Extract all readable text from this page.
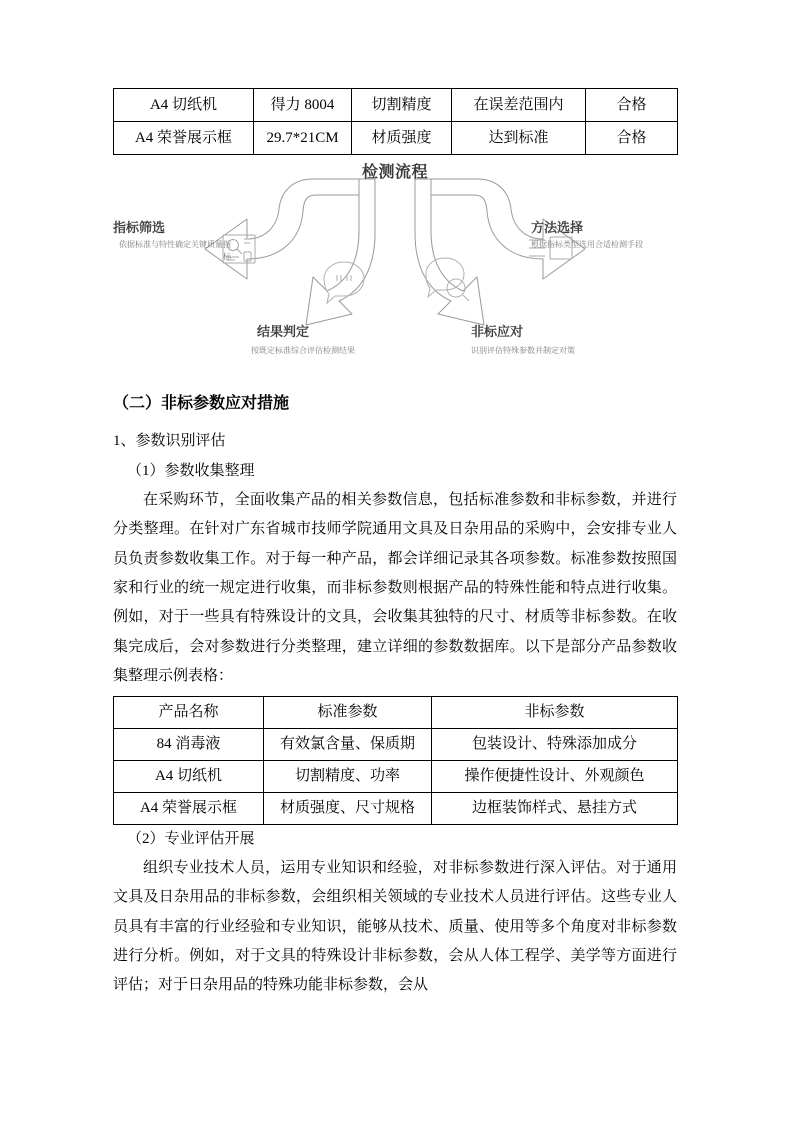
A4 切纸机	得力 8004	切割精度	在误差范围内	合格
A4 荣誉展示框	29.7*21CM	材质强度	达到标准	合格
检测流程
指标筛选
依据标准与特性确定关键质量指标
方法选择
根据指标类型选用合适检测手段
结果判定
按既定标准综合评估检测结果
非标应对
识别评估特殊参数并制定对策
（二）非标参数应对措施
1、参数识别评估
（1）参数收集整理

在采购环节，全面收集产品的相关参数信息，包括标准参数和非标参数，并进行分类整理。在针对广东省城市技师学院通用文具及日杂用品的采购中，会安排专业人员负责参数收集工作。对于每一种产品，都会详细记录其各项参数。标准参数按照国家和行业的统一规定进行收集，而非标参数则根据产品的特殊性能和特点进行收集。例如，对于一些具有特殊设计的文具，会收集其独特的尺寸、材质等非标参数。在收集完成后，会对参数进行分类整理，建立详细的参数数据库。以下是部分产品参数收集整理示例表格：

产品名称	标准参数	非标参数
84 消毒液	有效氯含量、保质期	包装设计、特殊添加成分
A4 切纸机	切割精度、功率	操作便捷性设计、外观颜色
A4 荣誉展示框	材质强度、尺寸规格	边框装饰样式、悬挂方式
（2）专业评估开展

组织专业技术人员，运用专业知识和经验，对非标参数进行深入评估。对于通用文具及日杂用品的非标参数，会组织相关领域的专业技术人员进行评估。这些专业人员具有丰富的行业经验和专业知识，能够从技术、质量、使用等多个角度对非标参数进行分析。例如，对于文具的特殊设计非标参数，会从人体工程学、美学等方面进行评估；对于日杂用品的特殊功能非标参数，会从
